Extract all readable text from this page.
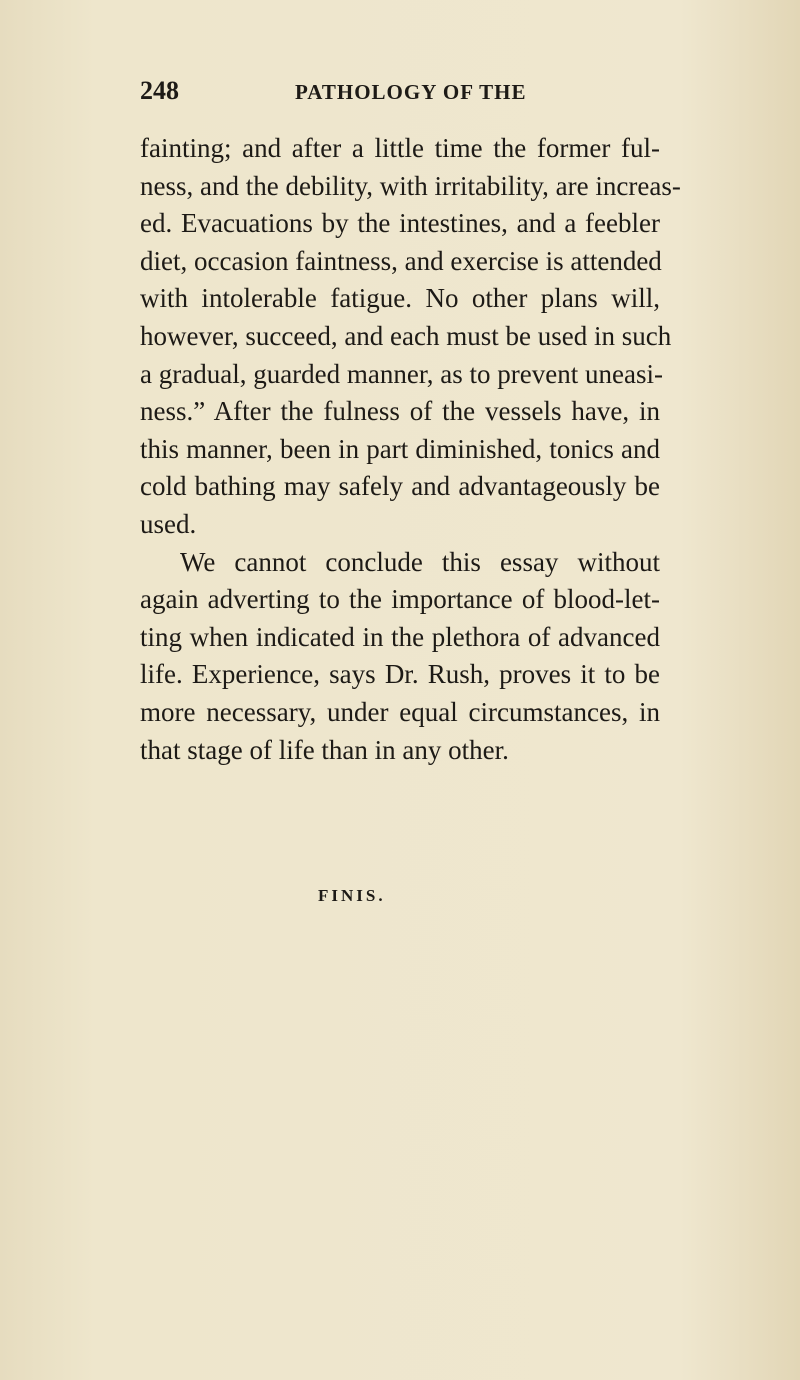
248	PATHOLOGY OF THE
fainting; and after a little time the former ful-
ness, and the debility, with irritability, are increas-
ed. Evacuations by the intestines, and a feebler
diet, occasion faintness, and exercise is attended
with intolerable fatigue. No other plans will,
however, succeed, and each must be used in such
a gradual, guarded manner, as to prevent uneasi-
ness.” After the fulness of the vessels have, in
this manner, been in part diminished, tonics and
cold bathing may safely and advantageously be
used.
We cannot conclude this essay without
again adverting to the importance of blood-let-
ting when indicated in the plethora of advanced
life. Experience, says Dr. Rush, proves it to be
more necessary, under equal circumstances, in
that stage of life than in any other.
FINIS.
